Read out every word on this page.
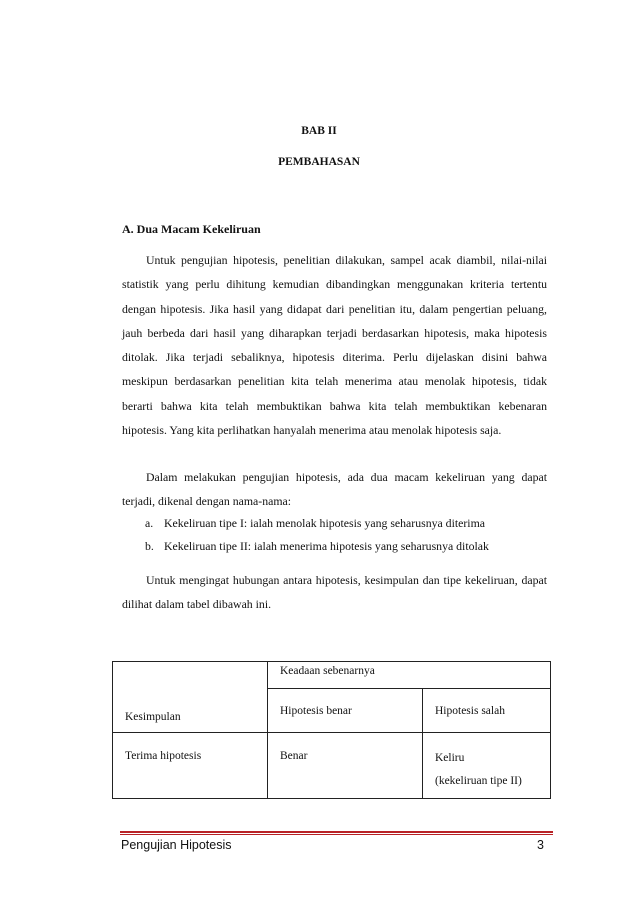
BAB II
PEMBAHASAN
A. Dua Macam Kekeliruan

Untuk pengujian hipotesis, penelitian dilakukan, sampel acak diambil, nilai-nilai statistik yang perlu dihitung kemudian dibandingkan menggunakan kriteria tertentu dengan hipotesis. Jika hasil yang didapat dari penelitian itu, dalam pengertian peluang, jauh berbeda dari hasil yang diharapkan terjadi berdasarkan hipotesis, maka hipotesis ditolak. Jika terjadi sebaliknya, hipotesis diterima. Perlu dijelaskan disini bahwa meskipun berdasarkan penelitian kita telah menerima atau menolak hipotesis, tidak berarti bahwa kita telah membuktikan bahwa kita telah membuktikan kebenaran hipotesis. Yang kita perlihatkan hanyalah menerima atau menolak hipotesis saja.

Dalam melakukan pengujian hipotesis, ada dua macam kekeliruan yang dapat terjadi, dikenal dengan nama-nama:

a. Kekeliruan tipe I: ialah menolak hipotesis yang seharusnya diterima
b. Kekeliruan tipe II: ialah menerima hipotesis yang seharusnya ditolak

Untuk mengingat hubungan antara hipotesis, kesimpulan dan tipe kekeliruan, dapat dilihat dalam tabel dibawah ini.

Kesimpulan	Keadaan sebenarnya	
	Hipotesis benar	Hipotesis salah
Terima hipotesis	Benar	Keliru
(kekeliruan tipe II)
Pengujian Hipotesis	3
